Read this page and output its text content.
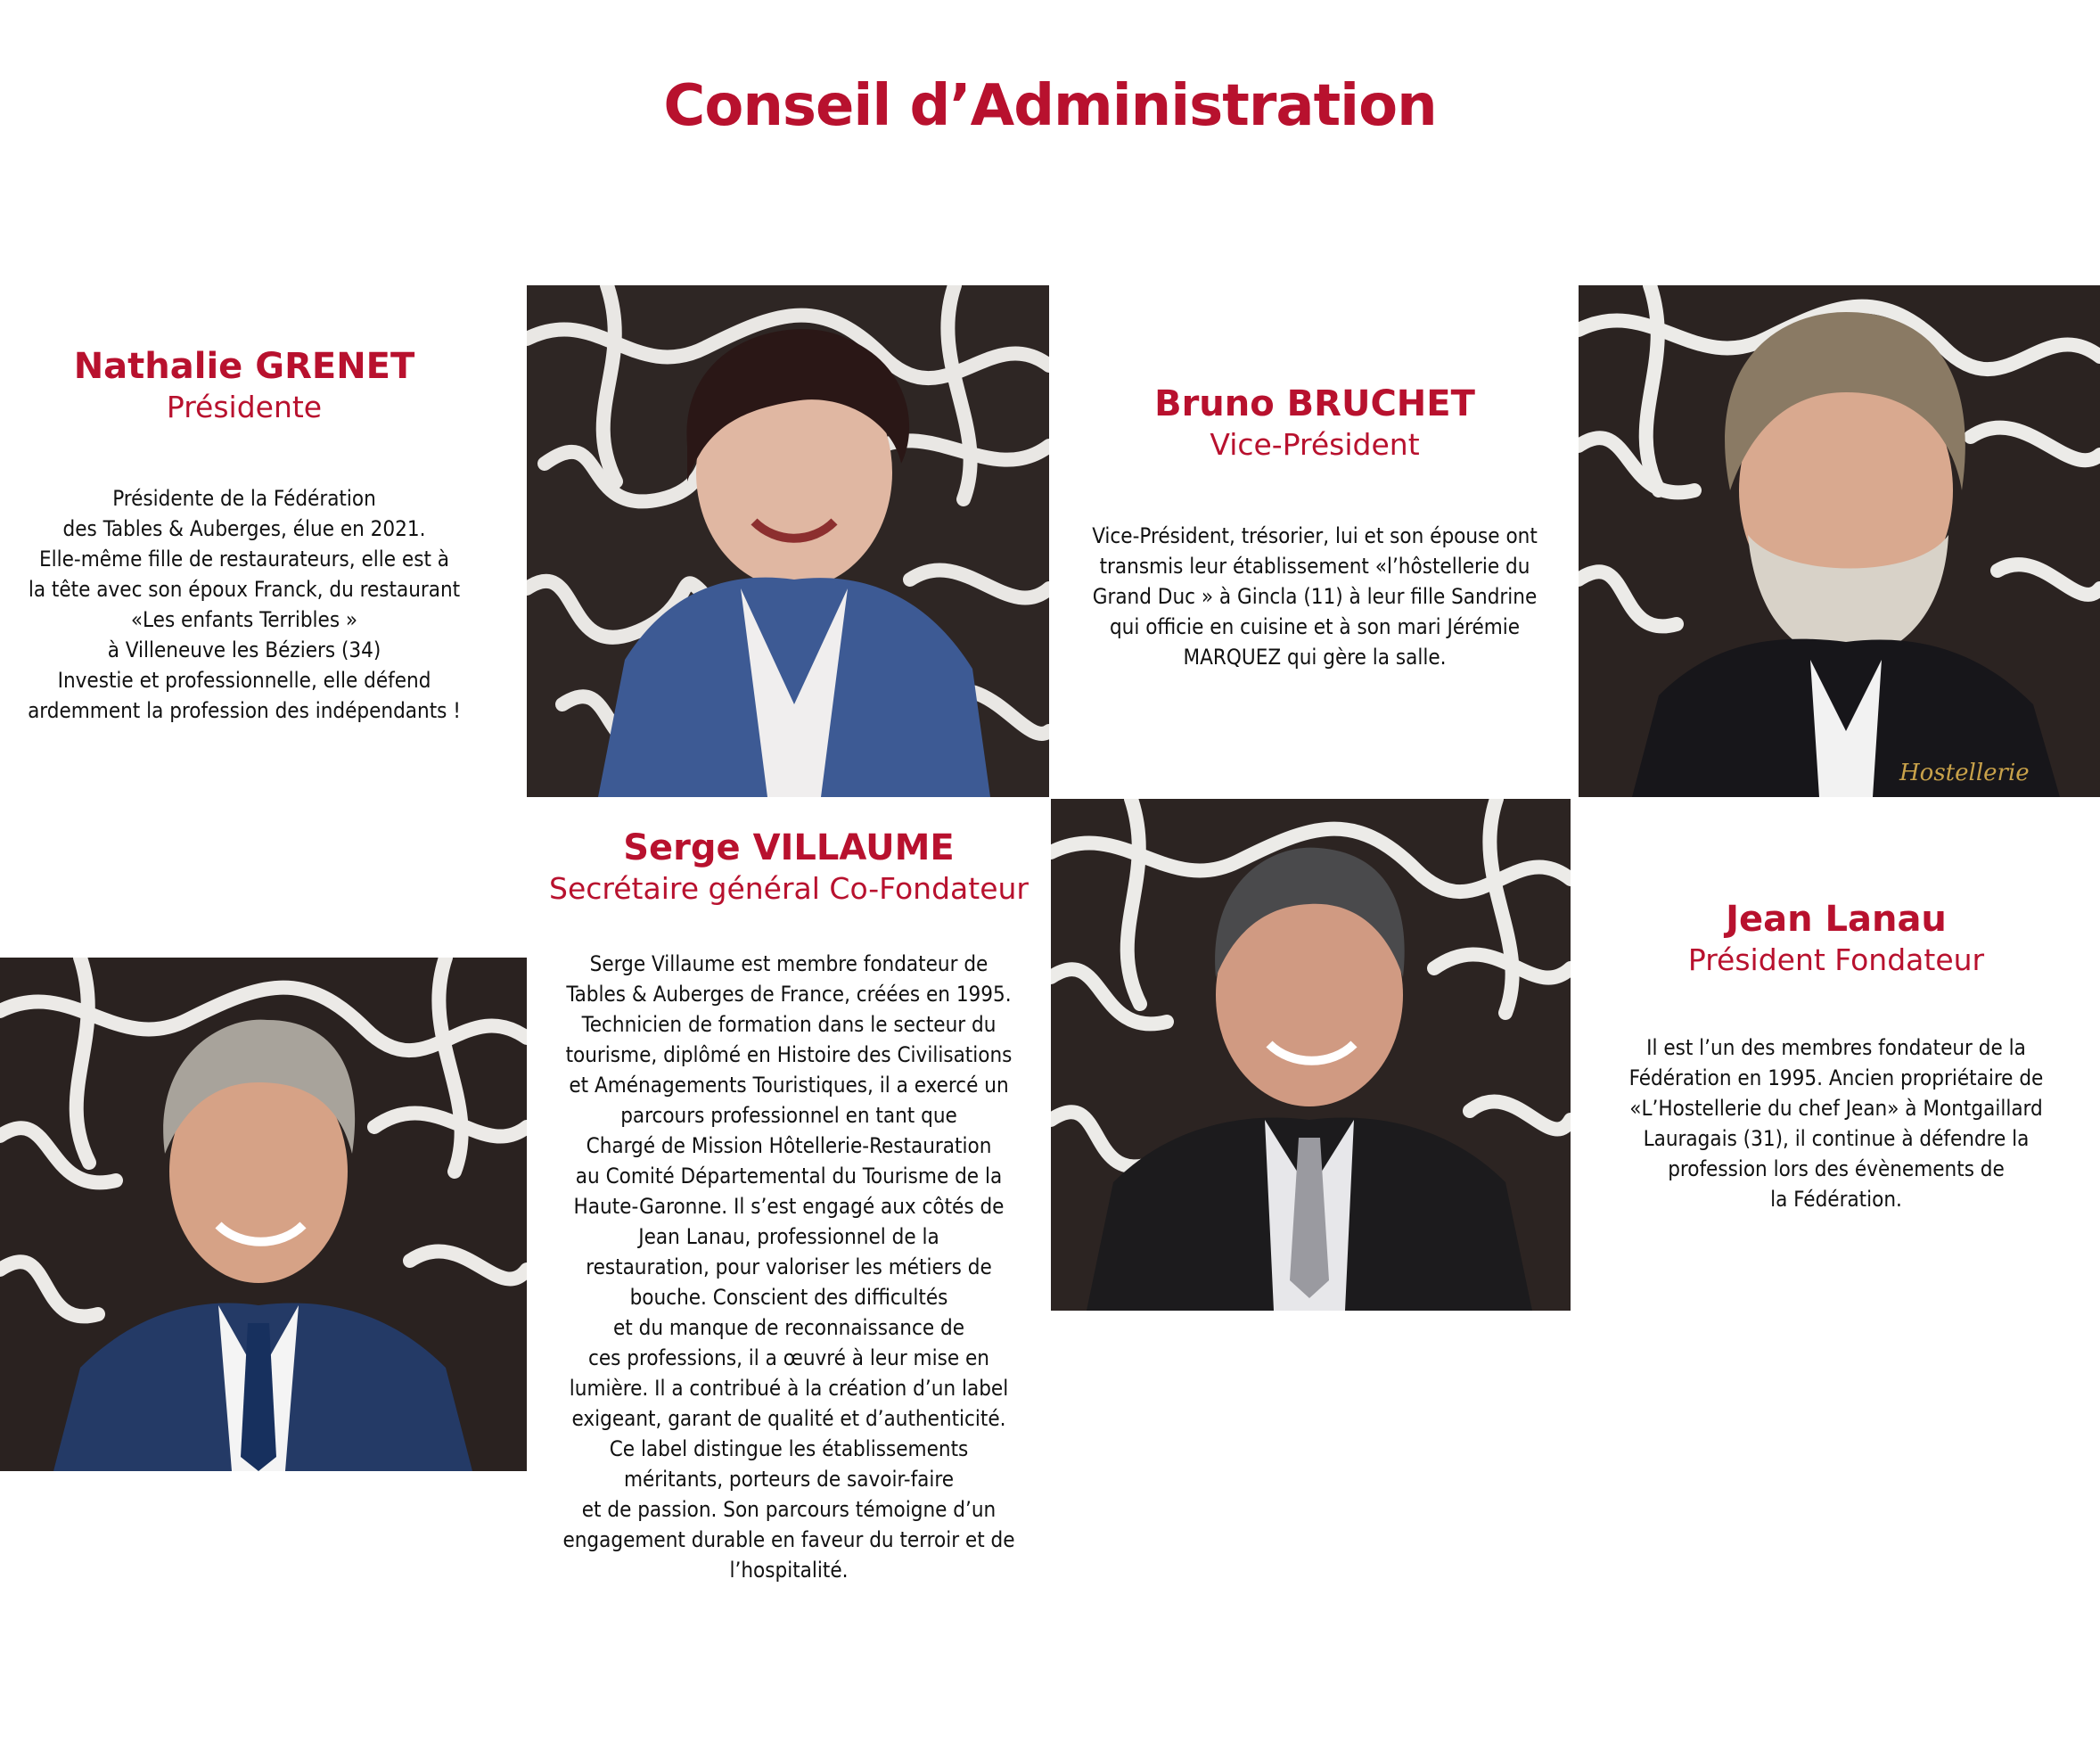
Conseil d’Administration

Nathalie GRENET

Présidente

Présidente de la Fédération
des Tables & Auberges, élue en 2021.
Elle-même fille de restaurateurs, elle est à
la tête avec son époux Franck, du restaurant
«Les enfants Terribles »
à Villeneuve les Béziers (34)
Investie et professionnelle, elle défend
ardemment la profession des indépendants !

Bruno BRUCHET

Vice-Président

Vice-Président, trésorier, lui et son épouse ont
transmis leur établissement «l’hôstellerie du
Grand Duc » à Gincla (11) à leur fille Sandrine
qui officie en cuisine et à son mari Jérémie
MARQUEZ qui gère la salle.
Hostellerie

Serge VILLAUME

Secrétaire général Co-Fondateur

Serge Villaume est membre fondateur de
Tables & Auberges de France, créées en 1995.
Technicien de formation dans le secteur du
tourisme, diplômé en Histoire des Civilisations
et Aménagements Touristiques, il a exercé un
parcours professionnel en tant que
Chargé de Mission Hôtellerie-Restauration
au Comité Départemental du Tourisme de la
Haute-Garonne. Il s’est engagé aux côtés de
Jean Lanau, professionnel de la
restauration, pour valoriser les métiers de
bouche. Conscient des difficultés
et du manque de reconnaissance de
ces professions, il a œuvré à leur mise en
lumière. Il a contribué à la création d’un label
exigeant, garant de qualité et d’authenticité.
Ce label distingue les établissements
méritants, porteurs de savoir-faire
et de passion. Son parcours témoigne d’un
engagement durable en faveur du terroir et de
l’hospitalité.

Jean Lanau

Président Fondateur

Il est l’un des membres fondateur de la
Fédération en 1995. Ancien propriétaire de
«L’Hostellerie du chef Jean» à Montgaillard
Lauragais (31), il continue à défendre la
profession lors des évènements de
la Fédération.
